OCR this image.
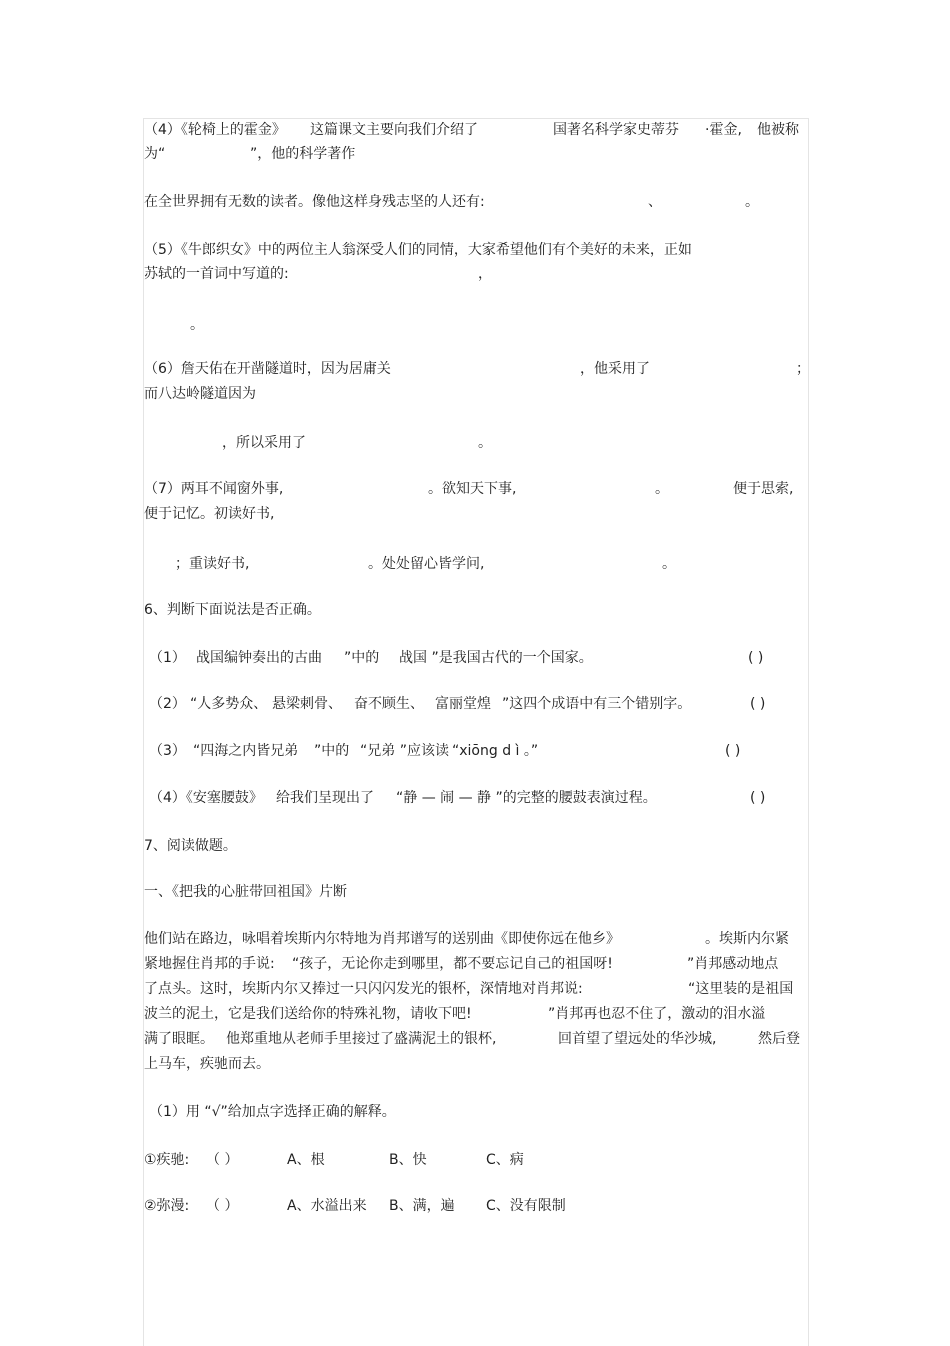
（4）《轮椅上的霍金》 这篇课文主要向我们介绍了	国著名科学家史蒂芬 ·霍金, 他被称
为“	”，他的科学著作
在全世界拥有无数的读者。像他这样身残志坚的人还有:	、	。
（5）《牛郎织女》中的两位主人翁深受人们的同情，大家希望他们有个美好的未来，正如
苏轼的一首词中写道的:	，
。
（6）詹天佑在开凿隧道时，因为居庸关	，他采用了	；
而八达岭隧道因为
，所以采用了	。
（7）两耳不闻窗外事,	。欲知天下事,	。	便于思索,
便于记忆。初读好书,
；重读好书,	。处处留心皆学问,	。
6、判断下面说法是否正确。
（1） 战国编钟奏出的古曲 ”中的 战国 ”是我国古代的一个国家。	( )
（2） “人多势众、 悬梁刺骨、 奋不顾生、 富丽堂煌 ”这四个成语中有三个错别字。	( )
（3） “四海之内皆兄弟 ”中的 “兄弟 ”应该读 “xiōng d ì 。”	( )
（4）《安塞腰鼓》 给我们呈现出了 “静 — 闹 — 静 ”的完整的腰鼓表演过程。	( )
7、阅读做题。
一、《把我的心脏带回祖国》片断
他们站在路边，咏唱着埃斯内尔特地为肖邦谱写的送别曲《即使你远在他乡》	。埃斯内尔紧
紧地握住肖邦的手说: “孩子，无论你走到哪里，都不要忘记自己的祖国呀!	”肖邦感动地点
了点头。这时，埃斯内尔又捧过一只闪闪发光的银杯，深情地对肖邦说:	“这里装的是祖国
波兰的泥土，它是我们送给你的特殊礼物，请收下吧!	”肖邦再也忍不住了，激动的泪水溢
满了眼眶。 他郑重地从老师手里接过了盛满泥土的银杯,	回首望了望远处的华沙城,	然后登
上马车，疾驰而去。
（1）用 “√”给加点字选择正确的解释。
①疾驰: （ ）	A、根	B、快	C、病
②弥漫: （ ）	A、水溢出来 B、满，遍 C、没有限制
